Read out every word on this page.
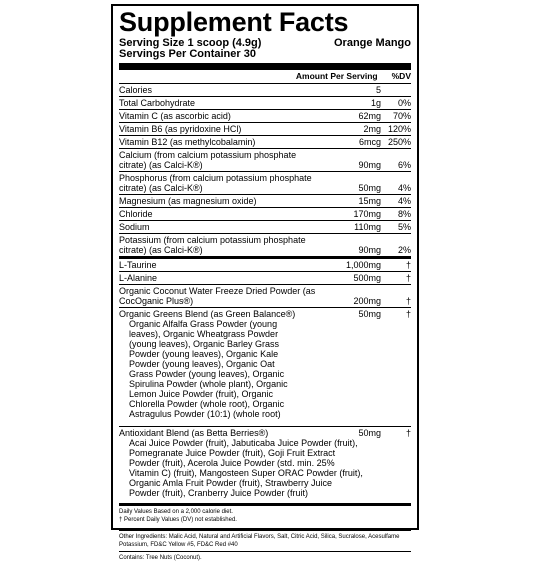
Supplement Facts
Serving Size 1 scoop (4.9g)	Orange Mango
Servings Per Container 30
Amount Per Serving %DV
Calories	5
Total Carbohydrate	1g	0%
Vitamin C (as ascorbic acid)	62mg	70%
Vitamin B6 (as pyridoxine HCl)	2mg 120%
Vitamin B12 (as methylcobalamin)	6mcg 250%
Calcium (from calcium potassium phosphate citrate) (as Calci-K®)	90mg	6%
Phosphorus (from calcium potassium phosphate citrate) (as Calci-K®)	50mg	4%
Magnesium (as magnesium oxide)	15mg	4%
Chloride	170mg	8%
Sodium	110mg	5%
Potassium (from calcium potassium phosphate citrate) (as Calci-K®)	90mg	2%
L-Taurine	1,000mg	†
L-Alanine	500mg	†
Organic Coconut Water Freeze Dried Powder (as CocOganic Plus®)	200mg	†
Organic Greens Blend (as Green Balance®)	50mg	†
Organic Alfalfa Grass Powder (young leaves), Organic Wheatgrass Powder (young leaves), Organic Barley Grass Powder (young leaves), Organic Kale Powder (young leaves), Organic Oat Grass Powder (young leaves), Organic Spirulina Powder (whole plant), Organic Lemon Juice Powder (fruit), Organic Chlorella Powder (whole root), Organic Astragulus Powder (10:1) (whole root)
Antioxidant Blend (as Betta Berries®)	50mg	†
Acai Juice Powder (fruit), Jabuticaba Juice Powder (fruit), Pomegranate Juice Powder (fruit), Goji Fruit Extract Powder (fruit), Acerola Juice Powder (std. min. 25% Vitamin C) (fruit), Mangosteen Super ORAC Powder (fruit), Organic Amla Fruit Powder (fruit), Strawberry Juice Powder (fruit), Cranberry Juice Powder (fruit)
Daily Values Based on a 2,000 calorie diet.
† Percent Daily Values (DV) not established.
Other Ingredients: Malic Acid, Natural and Artificial Flavors, Salt, Citric Acid, Silica, Sucralose, Acesulfame Potassium, FD&C Yellow #5, FD&C Red #40
Contains: Tree Nuts (Coconut).
